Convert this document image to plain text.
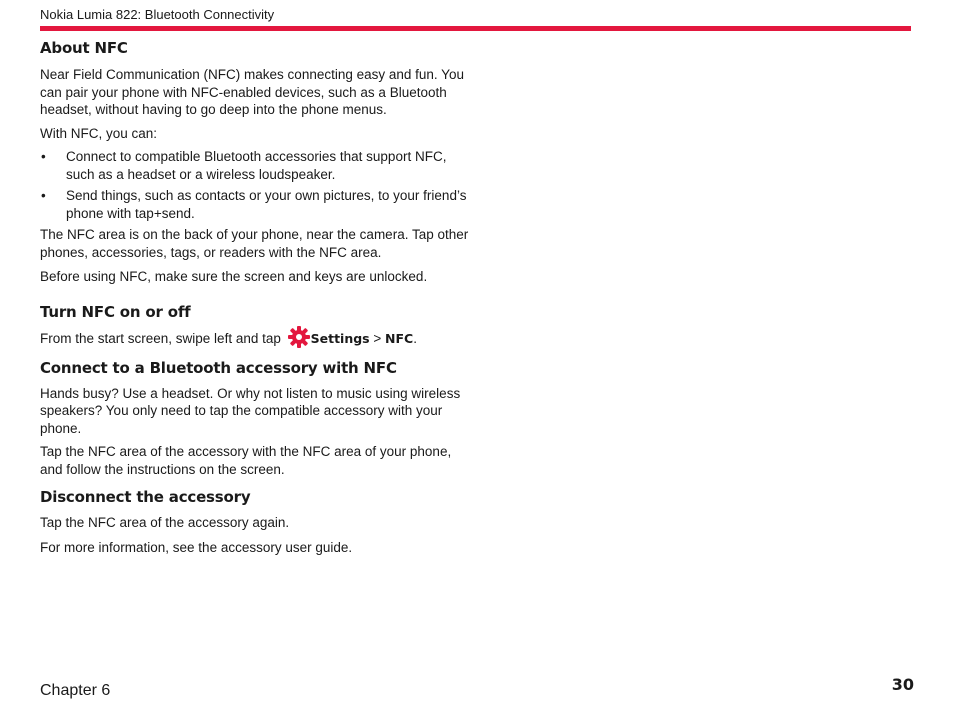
Nokia Lumia 822: Bluetooth Connectivity
About NFC

Near Field Communication (NFC) makes connecting easy and fun. You can pair your phone with NFC-enabled devices, such as a Bluetooth headset, without having to go deep into the phone menus.

With NFC, you can:

• Connect to compatible Bluetooth accessories that support NFC, such as a headset or a wireless loudspeaker.
• Send things, such as contacts or your own pictures, to your friend’s phone with tap+send.

The NFC area is on the back of your phone, near the camera. Tap other phones, accessories, tags, or readers with the NFC area.

Before using NFC, make sure the screen and keys are unlocked.

Turn NFC on or off

From the start screen, swipe left and tap Settings > NFC.

Connect to a Bluetooth accessory with NFC

Hands busy? Use a headset. Or why not listen to music using wireless speakers? You only need to tap the compatible accessory with your phone.

Tap the NFC area of the accessory with the NFC area of your phone, and follow the instructions on the screen.

Disconnect the accessory

Tap the NFC area of the accessory again.

For more information, see the accessory user guide.

Chapter 6	30
